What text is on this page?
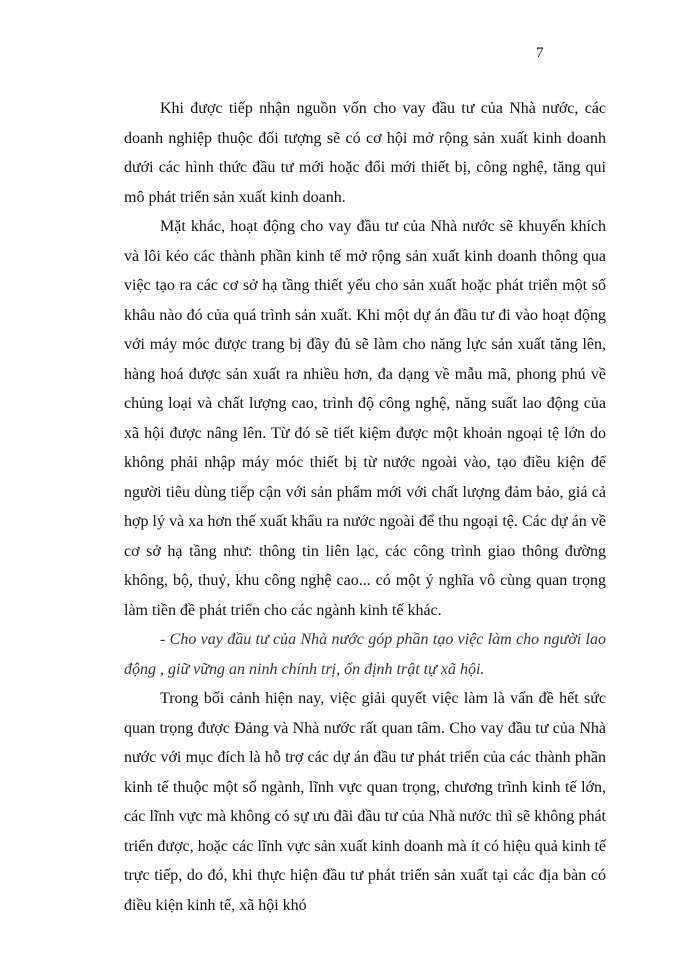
7

Khi được tiếp nhận nguồn vốn cho vay đầu tư của Nhà nước, các doanh nghiệp thuộc đối tượng sẽ có cơ hội mở rộng sản xuất kinh doanh dưới các hình thức đầu tư mới hoặc đổi mới thiết bị, công nghệ, tăng qui mô phát triển sản xuất kinh doanh.

Mặt khác, hoạt động cho vay đầu tư của Nhà nước sẽ khuyến khích và lôi kéo các thành phần kinh tế mở rộng sản xuất kinh doanh thông qua việc tạo ra các cơ sở hạ tầng thiết yếu cho sản xuất hoặc phát triển một số khâu nào đó của quá trình sản xuất. Khi một dự án đầu tư đi vào hoạt động với máy móc được trang bị đầy đủ sẽ làm cho năng lực sản xuất tăng lên, hàng hoá được sản xuất ra nhiều hơn, đa dạng về mẫu mã, phong phú về chủng loại và chất lượng cao, trình độ công nghệ, năng suất lao động của xã hội được nâng lên. Từ đó sẽ tiết kiệm được một khoản ngoại tệ lớn do không phải nhập máy móc thiết bị từ nước ngoài vào, tạo điều kiện để người tiêu dùng tiếp cận với sản phẩm mới với chất lượng đảm bảo, giá cả hợp lý và xa hơn thế xuất khẩu ra nước ngoài để thu ngoại tệ. Các dự án về cơ sở hạ tầng như: thông tin liên lạc, các công trình giao thông đường không, bộ, thuỷ, khu công nghệ cao... có một ý nghĩa vô cùng quan trọng làm tiền đề phát triển cho các ngành kinh tế khác.

- Cho vay đầu tư của Nhà nước góp phần tạo việc làm cho người lao động , giữ vững an ninh chính trị, ổn định trật tự xã hội.

Trong bối cảnh hiện nay, việc giải quyết việc làm là vấn đề hết sức quan trọng được Đảng và Nhà nước rất quan tâm. Cho vay đầu tư của Nhà nước với mục đích là hỗ trợ các dự án đầu tư phát triển của các thành phần kinh tế thuộc một số ngành, lĩnh vực quan trọng, chương trình kinh tế lớn, các lĩnh vực mà không có sự ưu đãi đầu tư của Nhà nước thì sẽ không phát triển được, hoặc các lĩnh vực sản xuất kinh doanh mà ít có hiệu quả kinh tế trực tiếp, do đó, khi thực hiện đầu tư phát triển sản xuất tại các địa bàn có điều kiện kinh tế, xã hội khó
